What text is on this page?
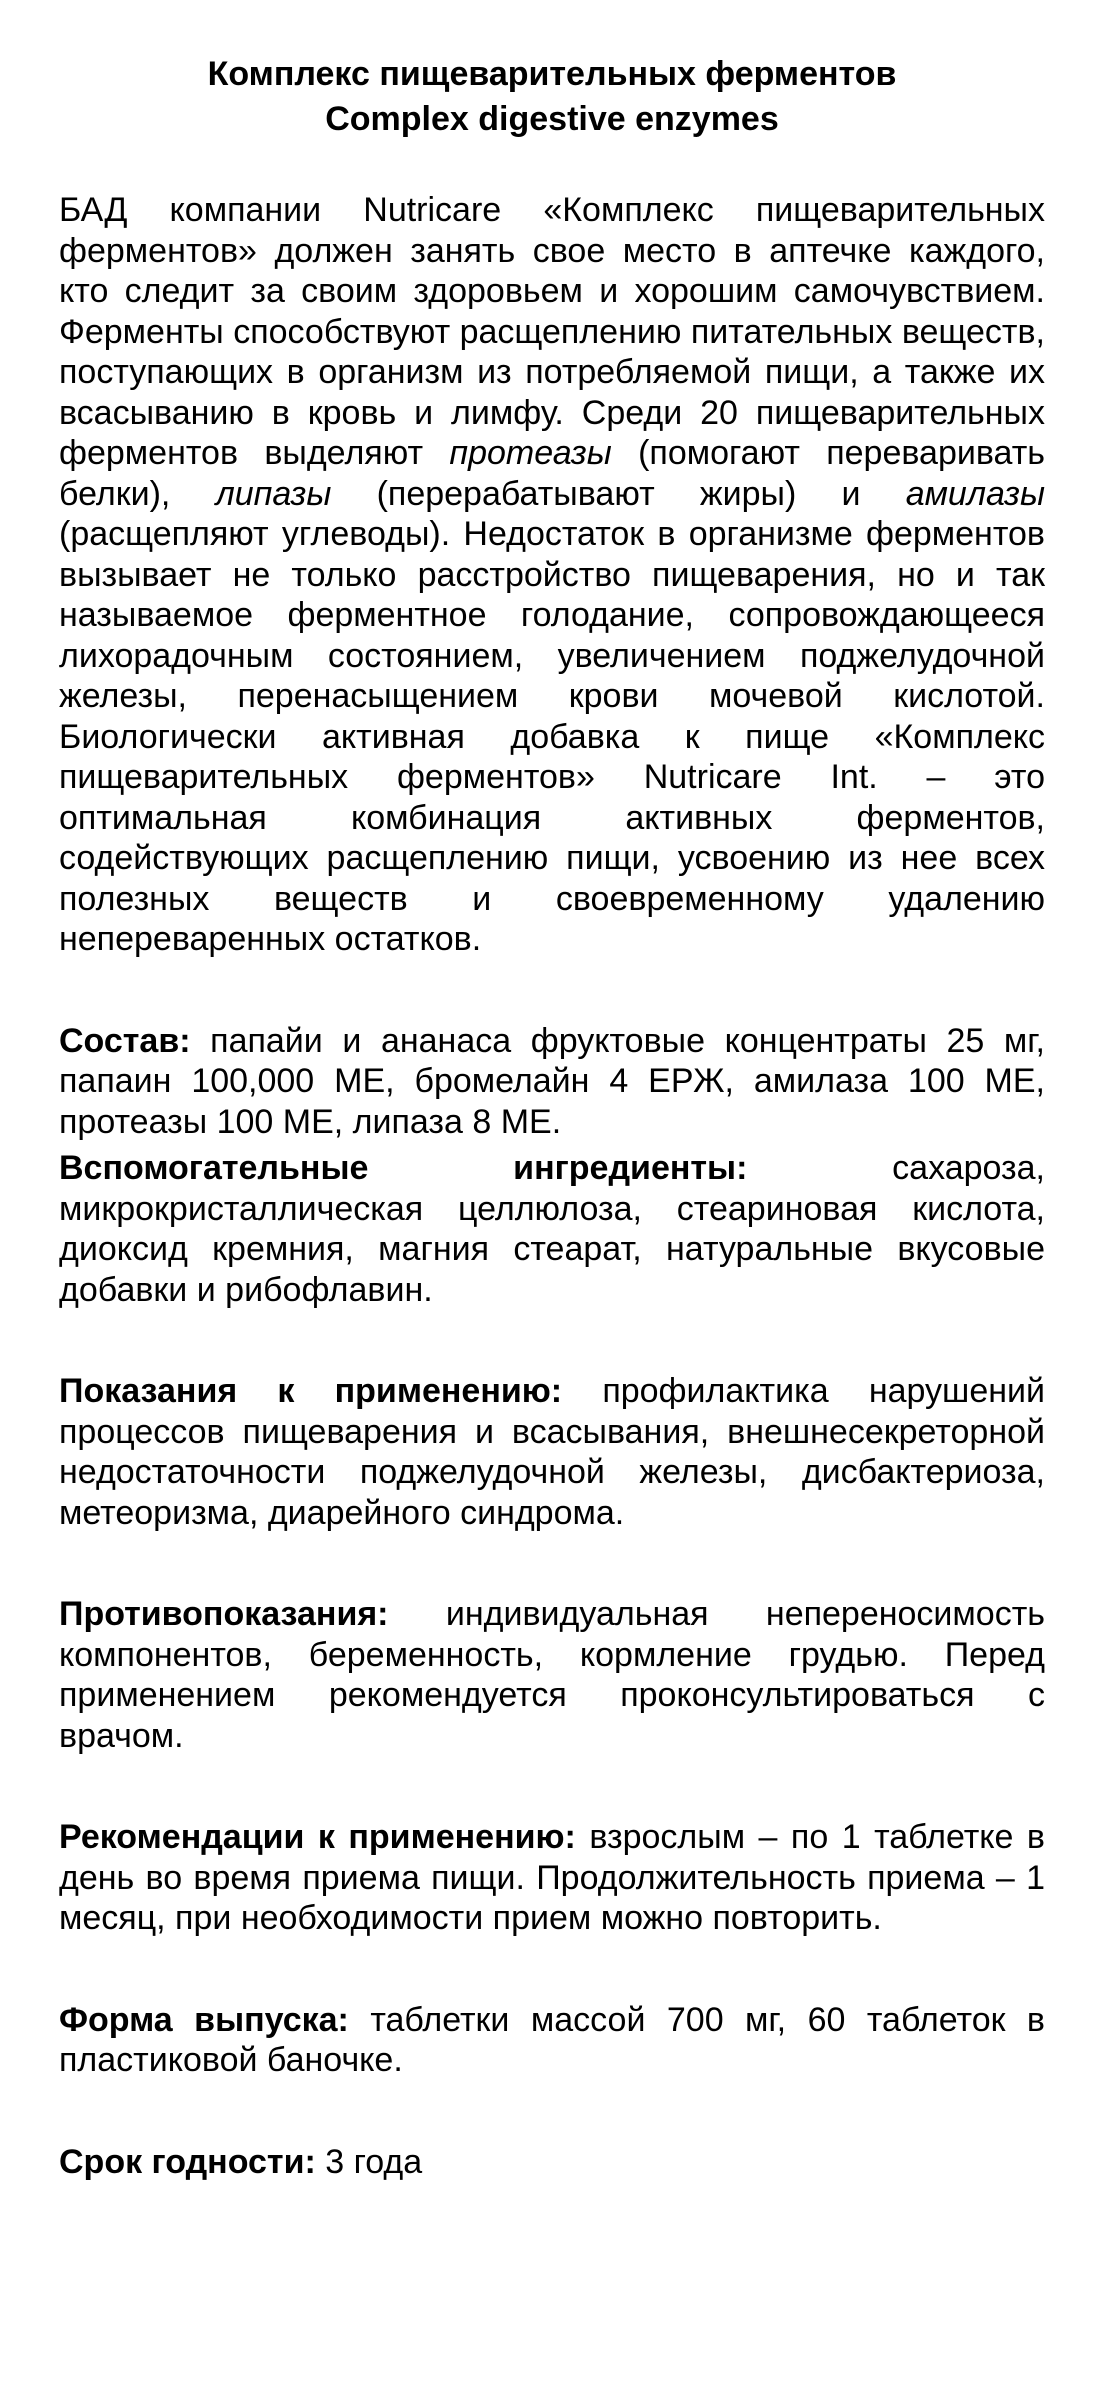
Комплекс пищеварительных ферментов
Complex digestive enzymes

БАД компании Nutricare «Комплекс пищеварительных ферментов» должен занять свое место в аптечке каждого, кто следит за своим здоровьем и хорошим самочувствием. Ферменты способствуют расщеплению питательных веществ, поступающих в организм из потребляемой пищи, а также их всасыванию в кровь и лимфу. Среди 20 пищеварительных ферментов выделяют протеазы (помогают переваривать белки), липазы (перерабатывают жиры) и амилазы (расщепляют углеводы). Недостаток в организме ферментов вызывает не только расстройство пищеварения, но и так называемое ферментное голодание, сопровождающееся лихорадочным состоянием, увеличением поджелудочной железы, перенасыщением крови мочевой кислотой. Биологически активная добавка к пище «Комплекс пищеварительных ферментов» Nutricare Int. – это оптимальная комбинация активных ферментов, содействующих расщеплению пищи, усвоению из нее всех полезных веществ и своевременному удалению непереваренных остатков.

Состав: папайи и ананаса фруктовые концентраты 25 мг, папаин 100,000 МЕ, бромелайн 4 ЕРЖ, амилаза 100 МЕ, протеазы 100 МЕ, липаза 8 МЕ.

Вспомогательные ингредиенты: сахароза, микрокристаллическая целлюлоза, стеариновая кислота, диоксид кремния, магния стеарат, натуральные вкусовые добавки и рибофлавин.

Показания к применению: профилактика нарушений процессов пищеварения и всасывания, внешнесекреторной недостаточности поджелудочной железы, дисбактериоза, метеоризма, диарейного синдрома.

Противопоказания: индивидуальная непереносимость компонентов, беременность, кормление грудью. Перед применением рекомендуется проконсультироваться с врачом.

Рекомендации к применению: взрослым – по 1 таблетке в день во время приема пищи. Продолжительность приема – 1 месяц, при необходимости прием можно повторить.

Форма выпуска: таблетки массой 700 мг, 60 таблеток в пластиковой баночке.

Срок годности: 3 года
